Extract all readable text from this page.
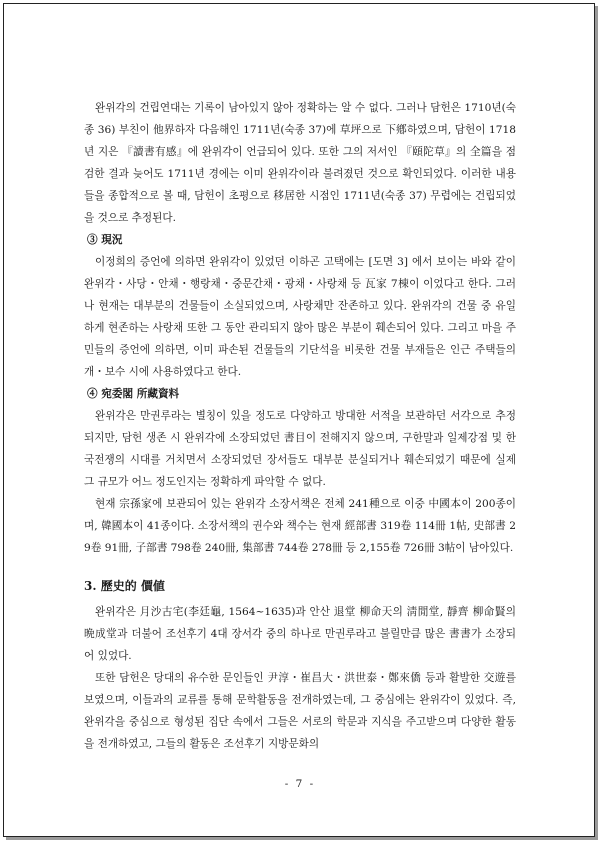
완위각의 건립연대는 기록이 남아있지 않아 정확하는 알 수 없다. 그러나 담헌은 1710년(숙종 36) 부친이 他界하자 다음해인 1711년(숙종 37)에 草坪으로 下鄕하였으며, 담헌이 1718년 지은 『讀書有感』에 완위각이 언급되어 있다. 또한 그의 저서인 『頤陀草』의 全篇을 점검한 결과 늦어도 1711년 경에는 이미 완위각이라 불려졌던 것으로 확인되었다. 이러한 내용들을 종합적으로 볼 때, 담헌이 초평으로 移居한 시점인 1711년(숙종 37) 무렵에는 건립되었을 것으로 추정된다.

③ 現況

이정희의 증언에 의하면 완위각이 있었던 이하곤 고택에는 [도면 3] 에서 보이는 바와 같이 완위각・사당・안채・행랑채・중문간채・광채・사랑채 등 瓦家 7棟이 이었다고 한다. 그러나 현재는 대부분의 건물들이 소실되었으며, 사랑채만 잔존하고 있다. 완위각의 건물 중 유일하게 현존하는 사랑채 또한 그 동안 관리되지 않아 많은 부분이 훼손되어 있다. 그리고 마을 주민들의 증언에 의하면, 이미 파손된 건물들의 기단석을 비롯한 건물 부재들은 인근 주택들의 개・보수 시에 사용하였다고 한다.

④ 宛委閣 所藏資料

완위각은 만권루라는 별칭이 있을 정도로 다양하고 방대한 서적을 보관하던 서각으로 추정되지만, 담헌 생존 시 완위각에 소장되었던 書目이 전해지지 않으며, 구한말과 일제강점 및 한국전쟁의 시대를 거치면서 소장되었던 장서들도 대부분 분실되거나 훼손되었기 때문에 실제 그 규모가 어느 정도인지는 정확하게 파악할 수 없다.

현재 宗孫家에 보관되어 있는 완위각 소장서책은 전체 241種으로 이중 中國本이 200종이며, 韓國本이 41종이다. 소장서책의 권수와 책수는 현재 經部書 319卷 114冊 1帖, 史部書 29卷 91冊, 子部書 798卷 240冊, 集部書 744卷 278冊 등 2,155卷 726冊 3帖이 남아있다.

3. 歷史的 價値

완위각은 月沙古宅(李廷龜, 1564~1635)과 안산 退堂 柳命天의 淸閒堂, 靜齊 柳命賢의 晩成堂과 더불어 조선후기 4대 장서각 중의 하나로 만권루라고 불릴만큼 많은 書書가 소장되어 있었다.

또한 담헌은 당대의 유수한 문인들인 尹淳・崔昌大・洪世泰・鄭來僑 등과 활발한 交遊를 보였으며, 이들과의 교류를 통해 문학활동을 전개하였는데, 그 중심에는 완위각이 있었다. 즉, 완위각을 중심으로 형성된 집단 속에서 그들은 서로의 학문과 지식을 주고받으며 다양한 활동을 전개하였고, 그들의 활동은 조선후기 지방문화의

- 7 -
